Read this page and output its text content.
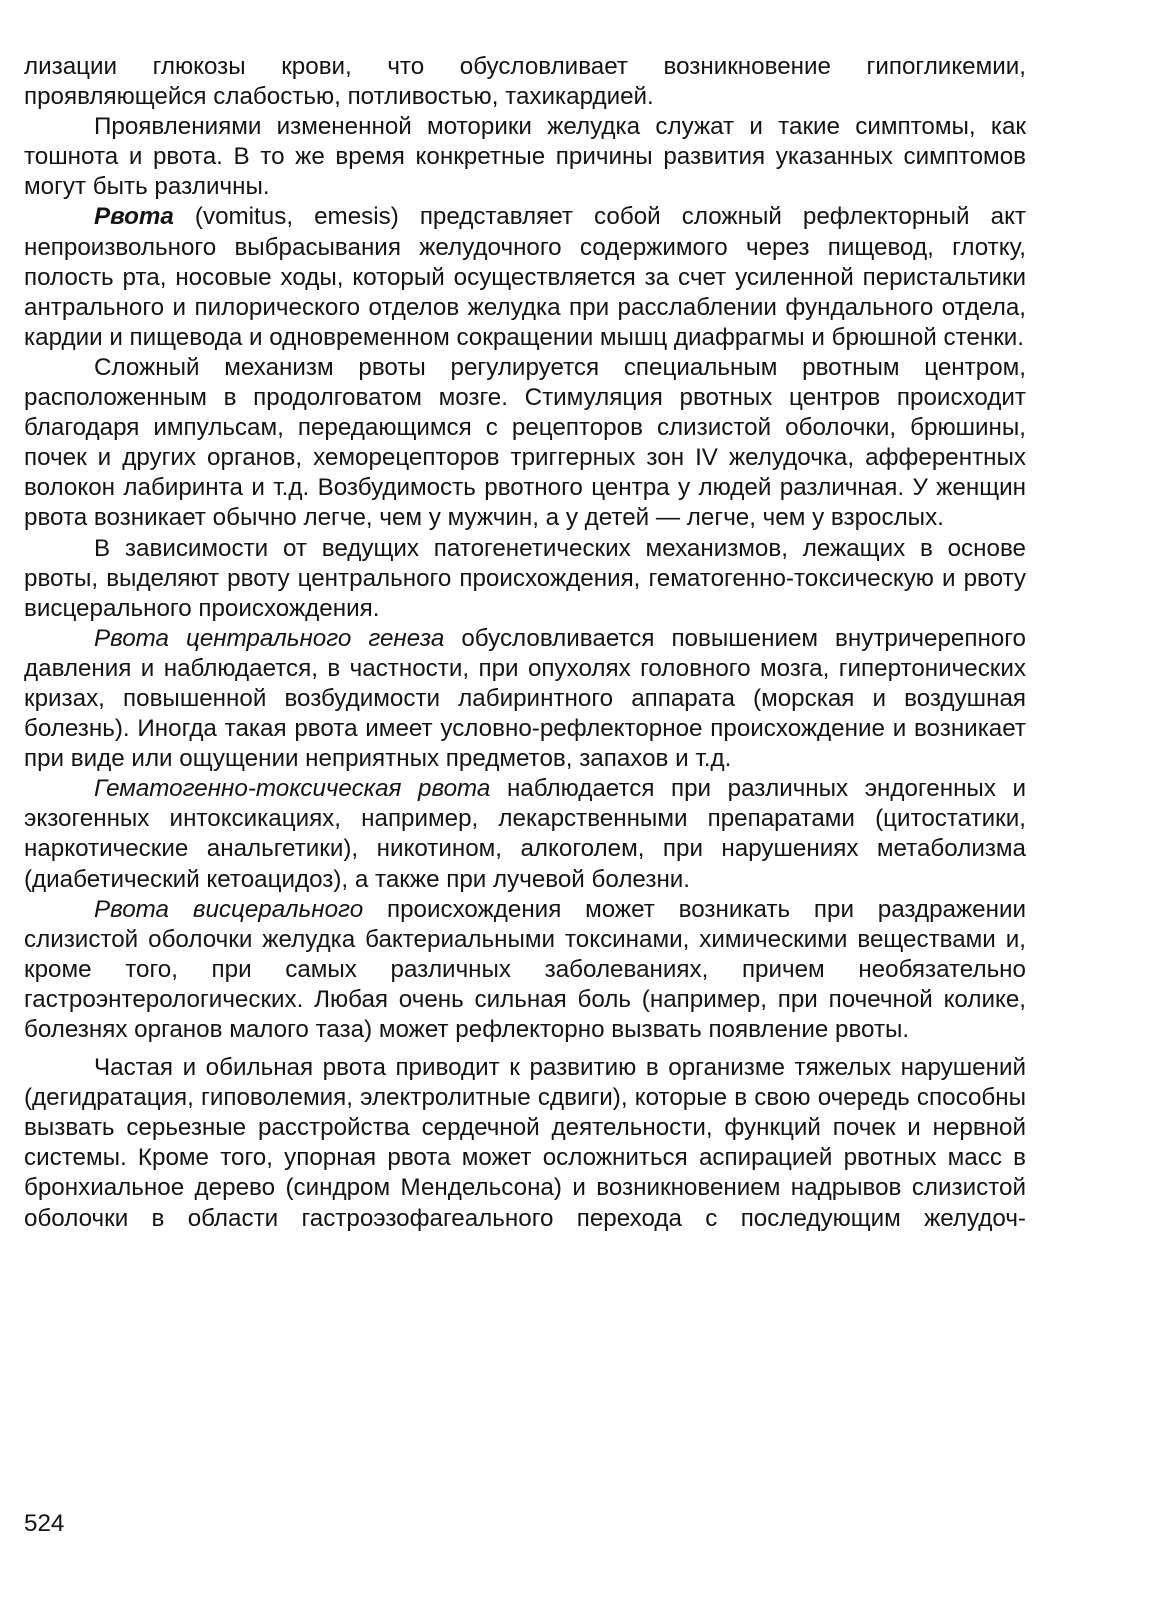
лизации глюкозы крови, что обусловливает возникновение гипогликемии, проявляющейся слабостью, потливостью, тахикардией.

Проявлениями измененной моторики желудка служат и такие симптомы, как тошнота и рвота. В то же время конкретные причины развития указанных симптомов могут быть различны.

Рвота (vomitus, emesis) представляет собой сложный рефлекторный акт непроизвольного выбрасывания желудочного содержимого через пищевод, глотку, полость рта, носовые ходы, который осуществляется за счет усиленной перистальтики антрального и пилорического отделов желудка при расслаблении фундального отдела, кардии и пищевода и одновременном сокращении мышц диафрагмы и брюшной стенки.

Сложный механизм рвоты регулируется специальным рвотным центром, расположенным в продолговатом мозге. Стимуляция рвотных центров происходит благодаря импульсам, передающимся с рецепторов слизистой оболочки, брюшины, почек и других органов, хеморецепторов триггерных зон IV желудочка, афферентных волокон лабиринта и т.д. Возбудимость рвотного центра у людей различная. У женщин рвота возникает обычно легче, чем у мужчин, а у детей — легче, чем у взрослых.

В зависимости от ведущих патогенетических механизмов, лежащих в основе рвоты, выделяют рвоту центрального происхождения, гематогенно-токсическую и рвоту висцерального происхождения.

Рвота центрального генеза обусловливается повышением внутричерепного давления и наблюдается, в частности, при опухолях головного мозга, гипертонических кризах, повышенной возбудимости лабиринтного аппарата (морская и воздушная болезнь). Иногда такая рвота имеет условно-рефлекторное происхождение и возникает при виде или ощущении неприятных предметов, запахов и т.д.

Гематогенно-токсическая рвота наблюдается при различных эндогенных и экзогенных интоксикациях, например, лекарственными препаратами (цитостатики, наркотические анальгетики), никотином, алкоголем, при нарушениях метаболизма (диабетический кетоацидоз), а также при лучевой болезни.

Рвота висцерального происхождения может возникать при раздражении слизистой оболочки желудка бактериальными токсинами, химическими веществами и, кроме того, при самых различных заболеваниях, причем необязательно гастроэнтерологических. Любая очень сильная боль (например, при почечной колике, болезнях органов малого таза) может рефлекторно вызвать появление рвоты.

Частая и обильная рвота приводит к развитию в организме тяжелых нарушений (дегидратация, гиповолемия, электролитные сдвиги), которые в свою очередь способны вызвать серьезные расстройства сердечной деятельности, функций почек и нервной системы. Кроме того, упорная рвота может осложниться аспирацией рвотных масс в бронхиальное дерево (синдром Мендельсона) и возникновением надрывов слизистой оболочки в области гастроэзофагеального перехода с последующим желудоч-

524
